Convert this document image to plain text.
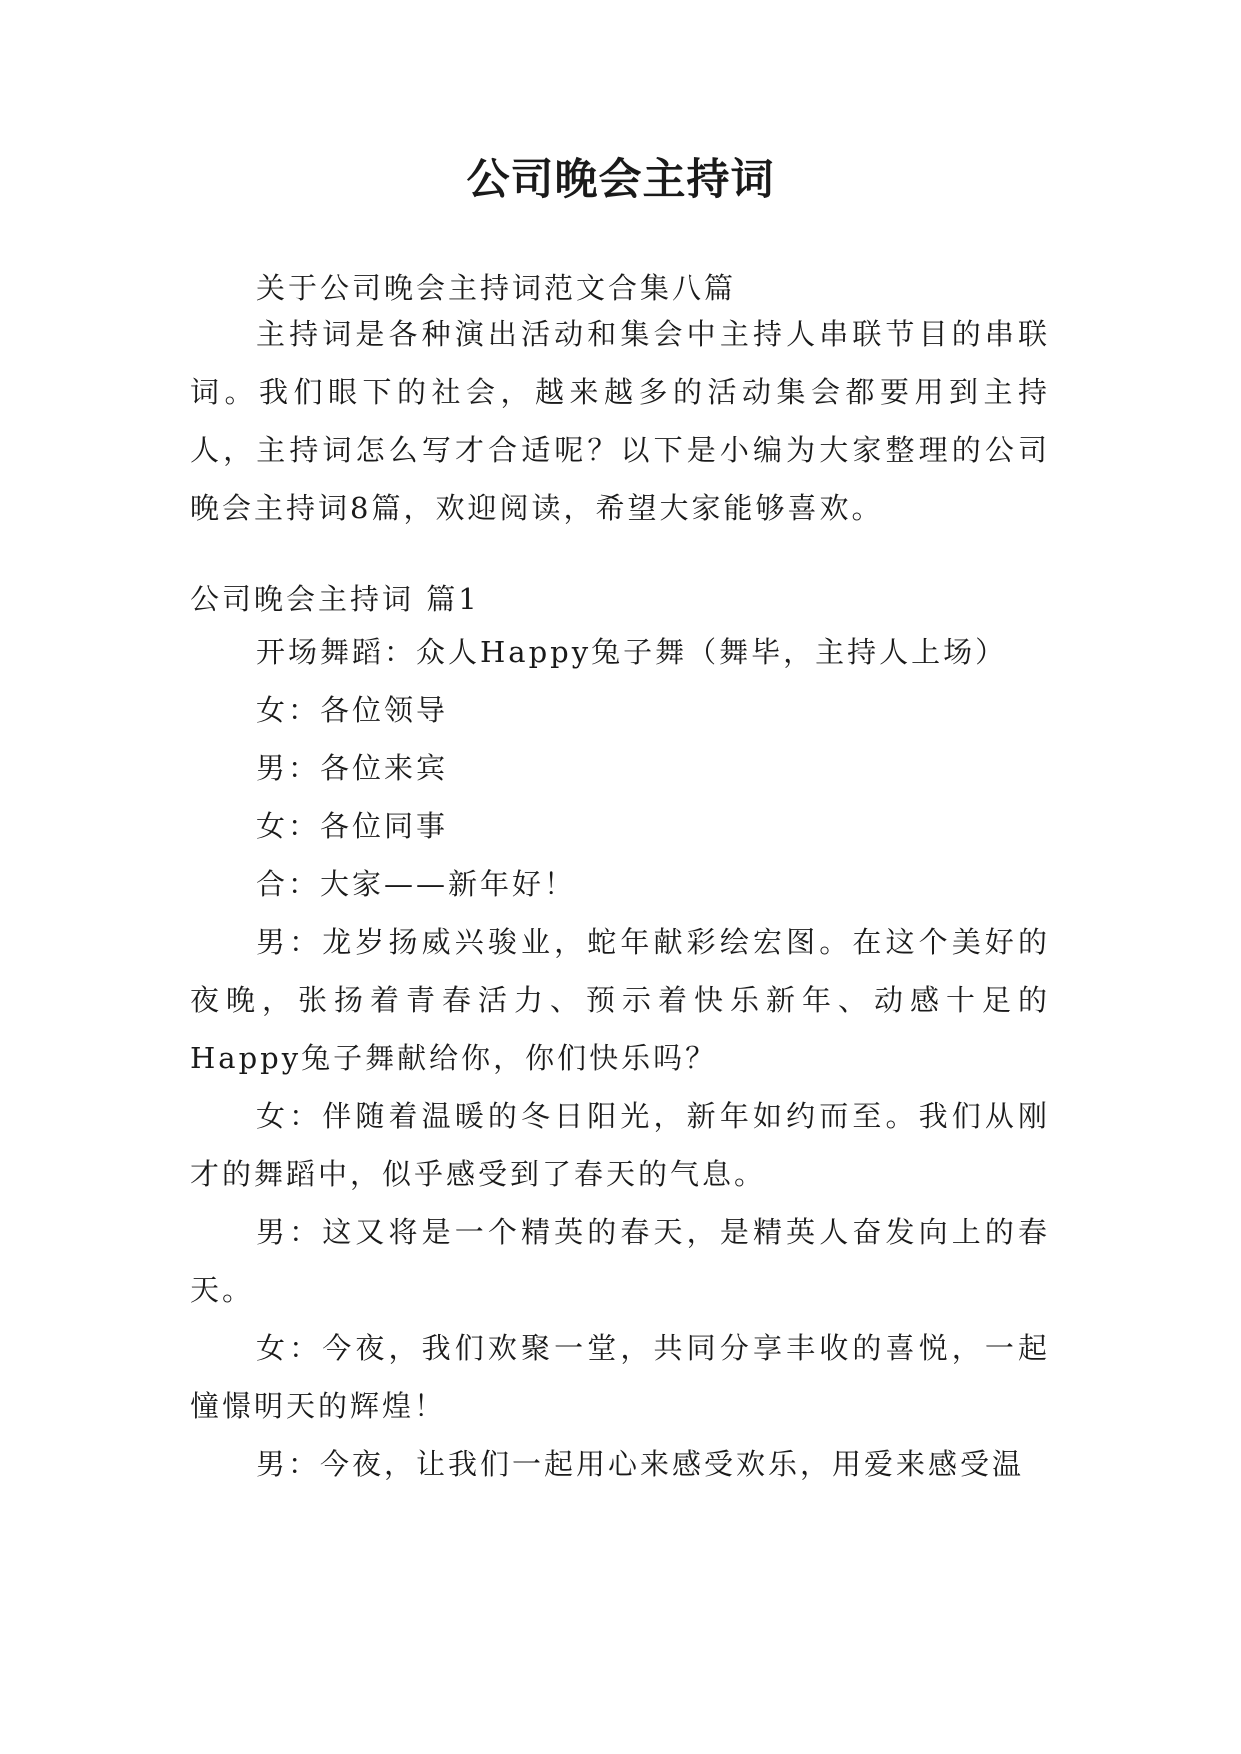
公司晚会主持词

关于公司晚会主持词范文合集八篇

主持词是各种演出活动和集会中主持人串联节目的串联词。我们眼下的社会，越来越多的活动集会都要用到主持人，主持词怎么写才合适呢？以下是小编为大家整理的公司晚会主持词8篇，欢迎阅读，希望大家能够喜欢。

公司晚会主持词 篇1

开场舞蹈：众人Happy兔子舞（舞毕，主持人上场）

女：各位领导

男：各位来宾

女：各位同事

合：大家——新年好！

男：龙岁扬威兴骏业，蛇年献彩绘宏图。在这个美好的夜晚，张扬着青春活力、预示着快乐新年、动感十足的Happy兔子舞献给你，你们快乐吗？

女：伴随着温暖的冬日阳光，新年如约而至。我们从刚才的舞蹈中，似乎感受到了春天的气息。

男：这又将是一个精英的春天，是精英人奋发向上的春天。

女：今夜，我们欢聚一堂，共同分享丰收的喜悦，一起憧憬明天的辉煌！

男：今夜，让我们一起用心来感受欢乐，用爱来感受温
